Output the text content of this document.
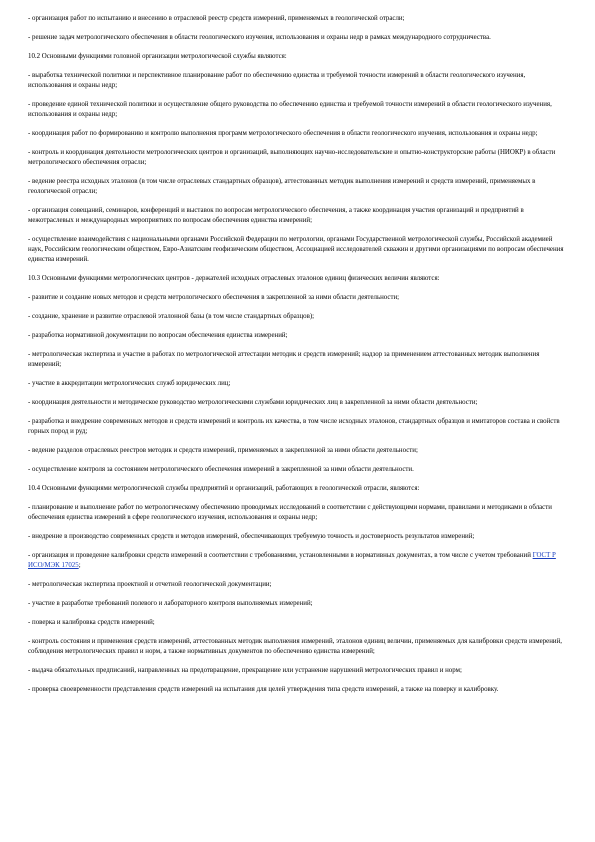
- организация работ по испытанию и внесению в отраслевой реестр средств измерений, применяемых в геологической отрасли;

- решение задач метрологического обеспечения в области геологического изучения, использования и охраны недр в рамках международного сотрудничества.

10.2 Основными функциями головной организации метрологической службы являются:

- выработка технической политики и перспективное планирование работ по обеспечению единства и требуемой точности измерений в области геологического изучения, использования и охраны недр;

- проведение единой технической политики и осуществление общего руководства по обеспечению единства и требуемой точности измерений в области геологического изучения, использования и охраны недр;

- координация работ по формированию и контролю выполнения программ метрологического обеспечения в области геологического изучения, использования и охраны недр;

- контроль и координация деятельности метрологических центров и организаций, выполняющих научно-исследовательские и опытно-конструкторские работы (НИОКР) в области метрологического обеспечения отрасли;

- ведение реестра исходных эталонов (в том числе отраслевых стандартных образцов), аттестованных методик выполнения измерений и средств измерений, применяемых в геологической отрасли;

- организация совещаний, семинаров, конференций и выставок по вопросам метрологического обеспечения, а также координация участия организаций и предприятий в межотраслевых и международных мероприятиях по вопросам обеспечения единства измерений;

- осуществление взаимодействия с национальными органами Российской Федерации по метрологии, органами Государственной метрологической службы, Российской академией наук, Российским геологическим обществом, Евро-Азиатским геофизическим обществом, Ассоциацией исследователей скважин и другими организациями по вопросам обеспечения единства измерений.

10.3 Основными функциями метрологических центров - держателей исходных отраслевых эталонов единиц физических величин являются:

- развитие и создание новых методов и средств метрологического обеспечения в закрепленной за ними области деятельности;

- создание, хранение и развитие отраслевой эталонной базы (в том числе стандартных образцов);

- разработка нормативной документации по вопросам обеспечения единства измерений;

- метрологическая экспертиза и участие в работах по метрологической аттестации методик и средств измерений; надзор за применением аттестованных методик выполнения измерений;

- участие в аккредитации метрологических служб юридических лиц;

- координация деятельности и методическое руководство метрологическими службами юридических лиц в закрепленной за ними области деятельности;

- разработка и внедрение современных методов и средств измерений и контроль их качества, в том числе исходных эталонов, стандартных образцов и имитаторов состава и свойств горных пород и руд;

- ведение разделов отраслевых реестров методик и средств измерений, применяемых в закрепленной за ними области деятельности;

- осуществление контроля за состоянием метрологического обеспечения измерений в закрепленной за ними области деятельности.

10.4 Основными функциями метрологической службы предприятий и организаций, работающих в геологической отрасли, являются:

- планирование и выполнение работ по метрологическому обеспечению проводимых исследований в соответствии с действующими нормами, правилами и методиками в области обеспечения единства измерений в сфере геологического изучения, использования и охраны недр;

- внедрение в производство современных средств и методов измерений, обеспечивающих требуемую точность и достоверность результатов измерений;

- организация и проведение калибровки средств измерений в соответствии с требованиями, установленными в нормативных документах, в том числе с учетом требований ГОСТ Р ИСО/МЭК 17025;

- метрологическая экспертиза проектной и отчетной геологической документации;

- участие в разработке требований полевого и лабораторного контроля выполняемых измерений;

- поверка и калибровка средств измерений;

- контроль состояния и применения средств измерений, аттестованных методик выполнения измерений, эталонов единиц величин, применяемых для калибровки средств измерений, соблюдения метрологических правил и норм, а также нормативных документов по обеспечению единства измерений;

- выдача обязательных предписаний, направленных на предотвращение, прекращение или устранение нарушений метрологических правил и норм;

- проверка своевременности представления средств измерений на испытания для целей утверждения типа средств измерений, а также на поверку и калибровку.
